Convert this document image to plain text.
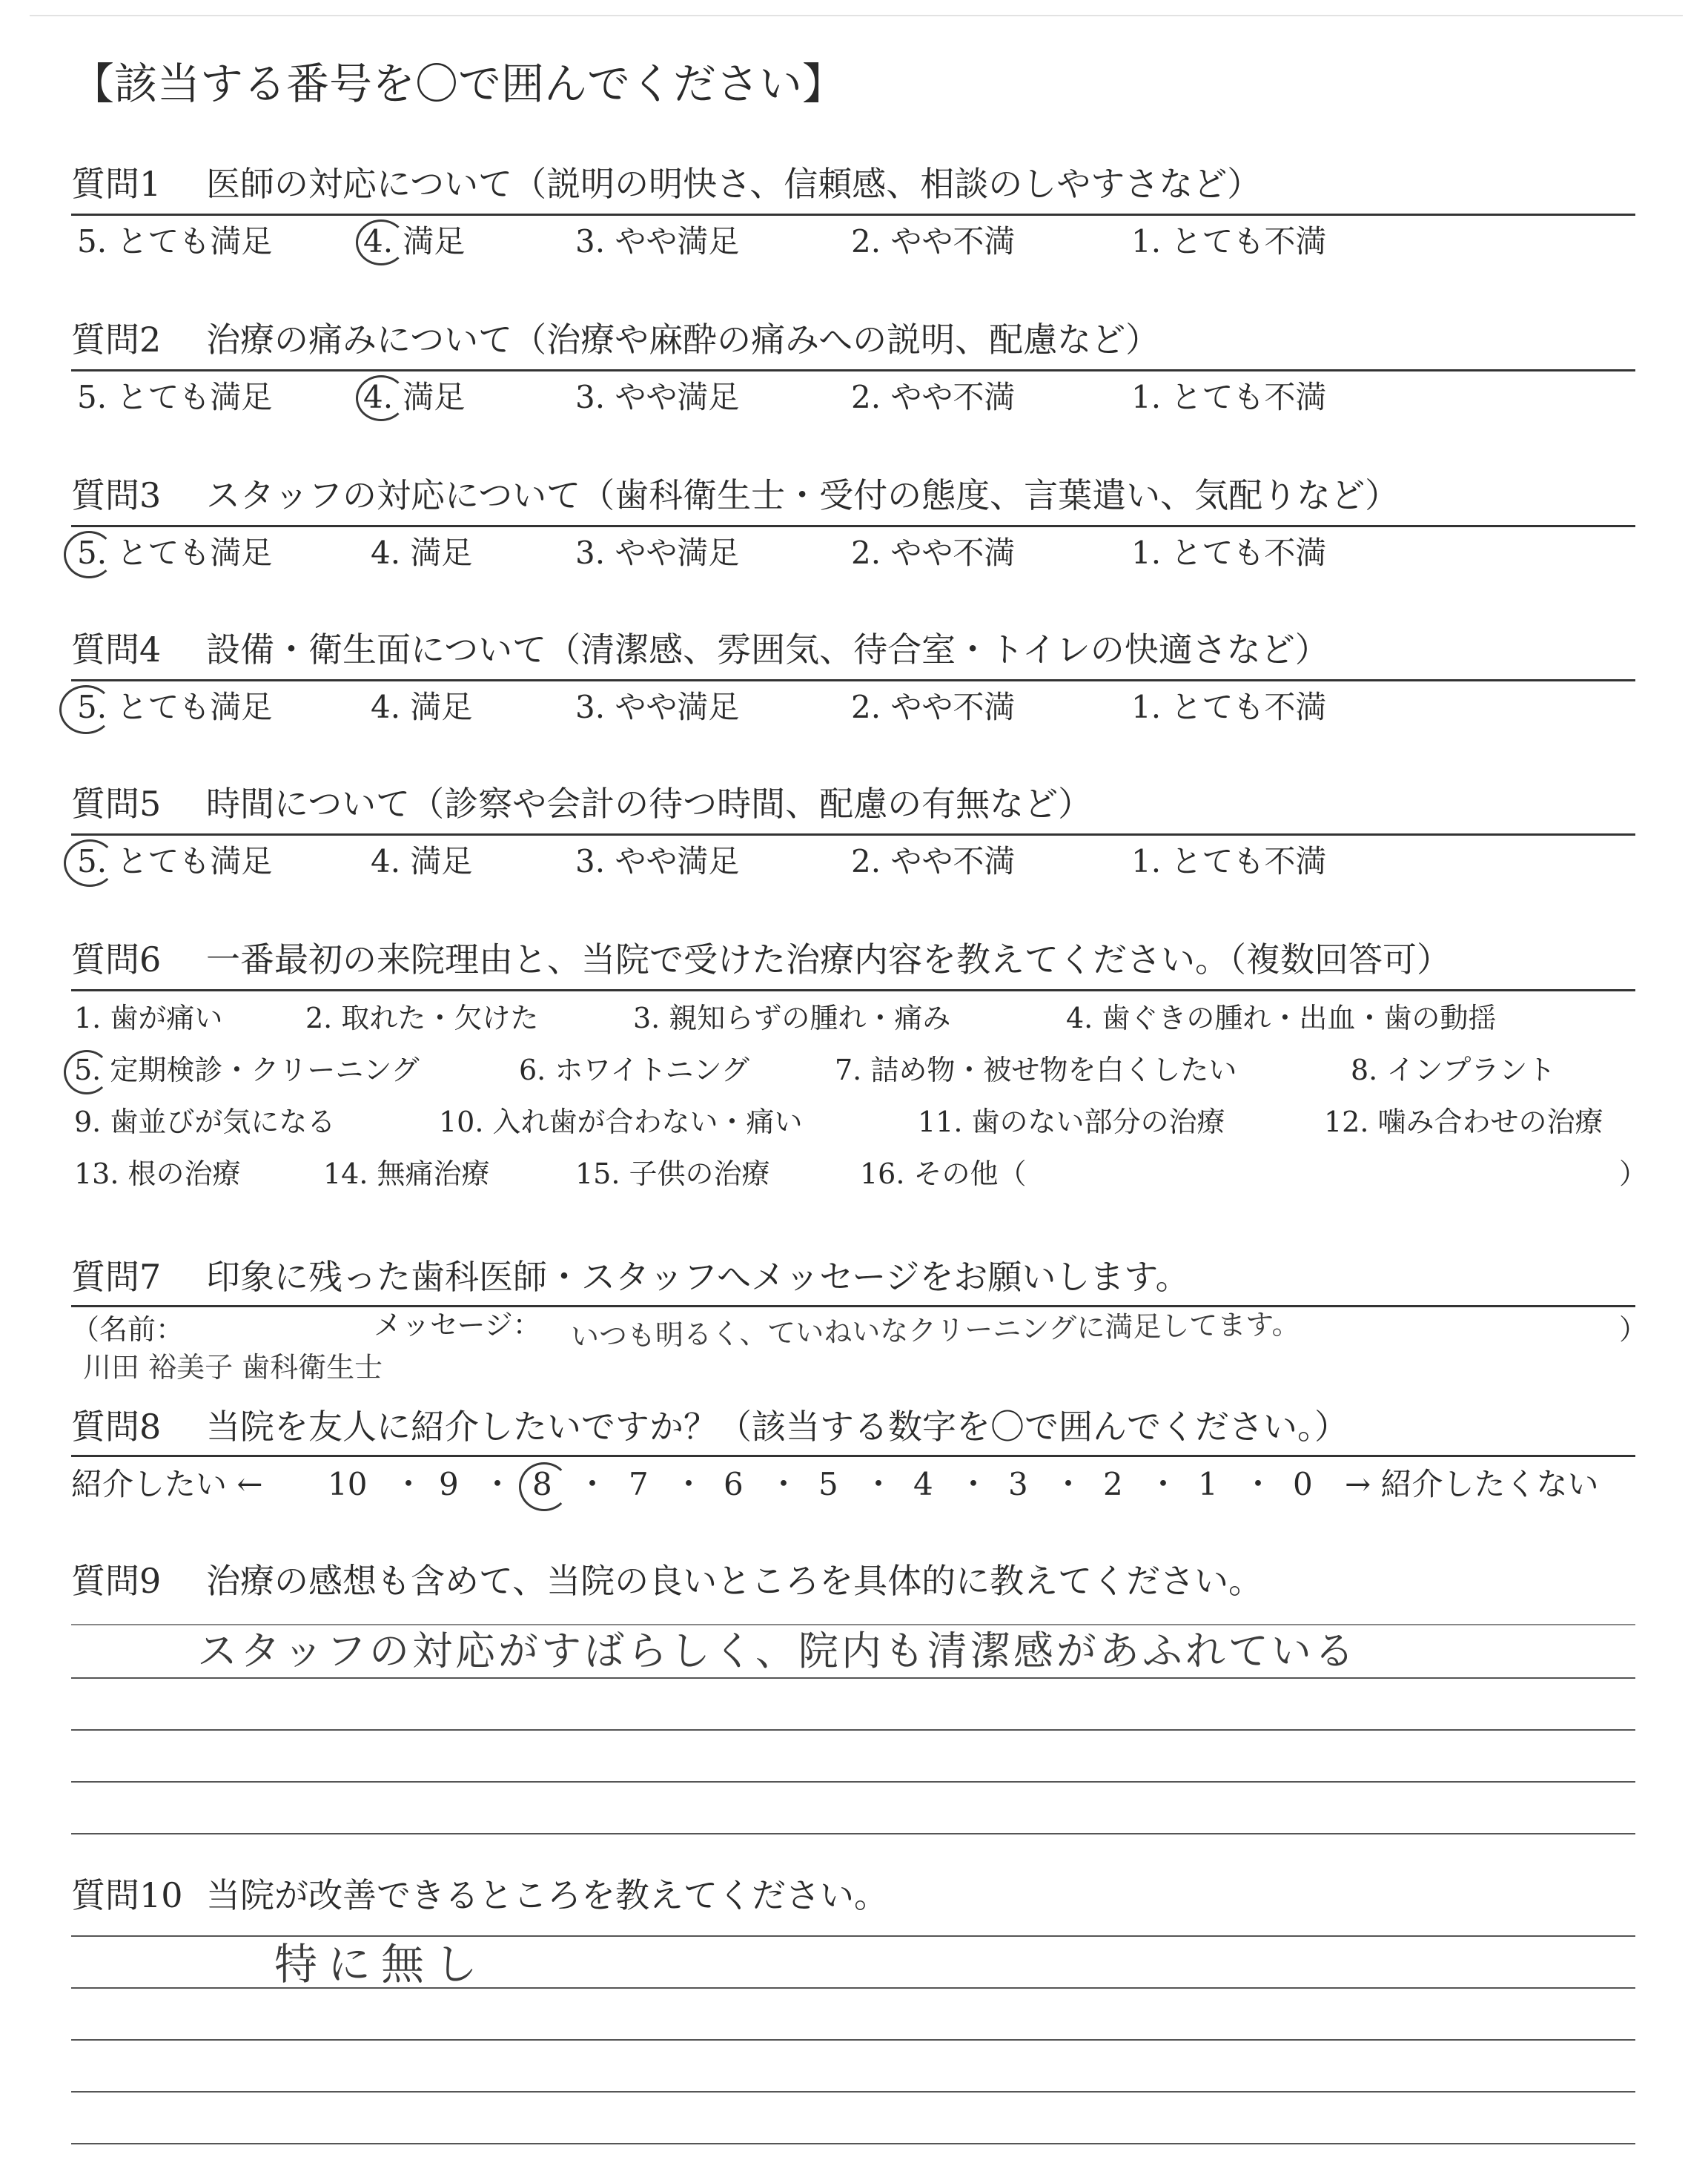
【該当する番号を〇で囲んでください】
質問1 医師の対応について（説明の明快さ、信頼感、相談のしやすさなど）
5. とても満足	4. 満足	3. やや満足	2. やや不満	1. とても不満
質問2 治療の痛みについて（治療や麻酔の痛みへの説明、配慮など）
5. とても満足	4. 満足	3. やや満足	2. やや不満	1. とても不満
質問3 スタッフの対応について（歯科衛生士・受付の態度、言葉遣い、気配りなど）
5. とても満足	4. 満足	3. やや満足	2. やや不満	1. とても不満
質問4 設備・衛生面について（清潔感、雰囲気、待合室・トイレの快適さなど）
5. とても満足	4. 満足	3. やや満足	2. やや不満	1. とても不満
質問5 時間について（診察や会計の待つ時間、配慮の有無など）
5. とても満足	4. 満足	3. やや満足	2. やや不満	1. とても不満
質問6 一番最初の来院理由と、当院で受けた治療内容を教えてください。（複数回答可）
1. 歯が痛い	2. 取れた・欠けた	3. 親知らずの腫れ・痛み	4. 歯ぐきの腫れ・出血・歯の動揺
5. 定期検診・クリーニング	6. ホワイトニング	7. 詰め物・被せ物を白くしたい	8. インプラント
9. 歯並びが気になる	10. 入れ歯が合わない・痛い	11. 歯のない部分の治療	12. 噛み合わせの治療
13. 根の治療	14. 無痛治療	15. 子供の治療	16. その他（	）
質問7 印象に残った歯科医師・スタッフへメッセージをお願いします。
（名前：	メッセージ：	）
川田 裕美子 歯科衛生士
いつも明るく、ていねいなクリーニングに満足してます。
質問8 当院を友人に紹介したいですか？（該当する数字を〇で囲んでください。）
紹介したい ← 10 ・ 9 ・ 8 ・ 7 ・ 6 ・ 5 ・ 4 ・ 3 ・ 2 ・ 1 ・ 0 → 紹介したくない
質問9 治療の感想も含めて、当院の良いところを具体的に教えてください。
スタッフの対応がすばらしく、院内も清潔感があふれている
質問10 当院が改善できるところを教えてください。
特に無し
